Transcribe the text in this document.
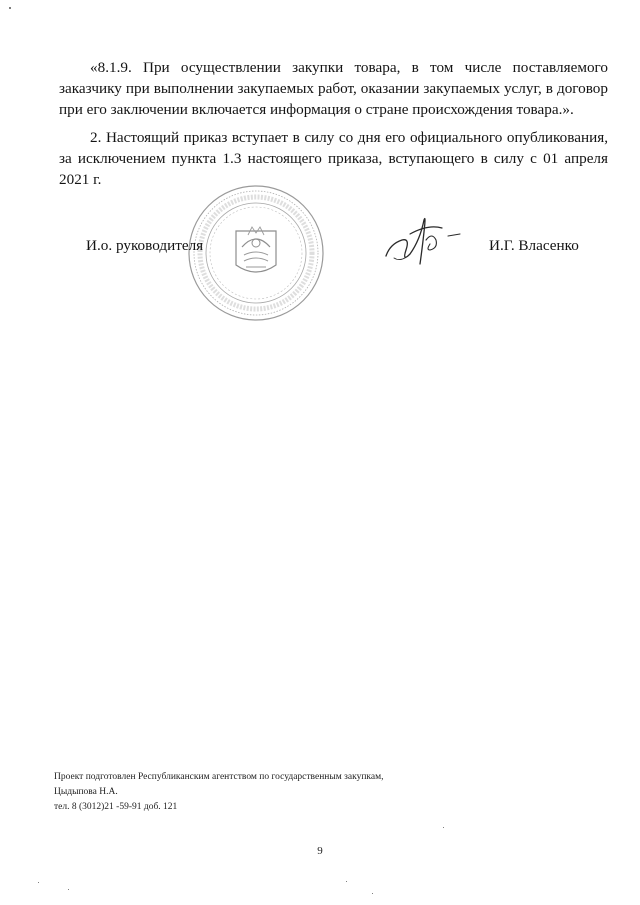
«8.1.9. При осуществлении закупки товара, в том числе поставляемого заказчику при выполнении закупаемых работ, оказании закупаемых услуг, в договор при его заключении включается информация о стране происхождения товара.».

2. Настоящий приказ вступает в силу со дня его официального опубликования, за исключением пункта 1.3 настоящего приказа, вступающего в силу с 01 апреля 2021 г.

И.о. руководителя	И.Г. Власенко
Проект подготовлен Республиканским агентством по государственным закупкам,
Цыдыпова Н.А.
тел. 8 (3012)21 -59-91 доб. 121
9
